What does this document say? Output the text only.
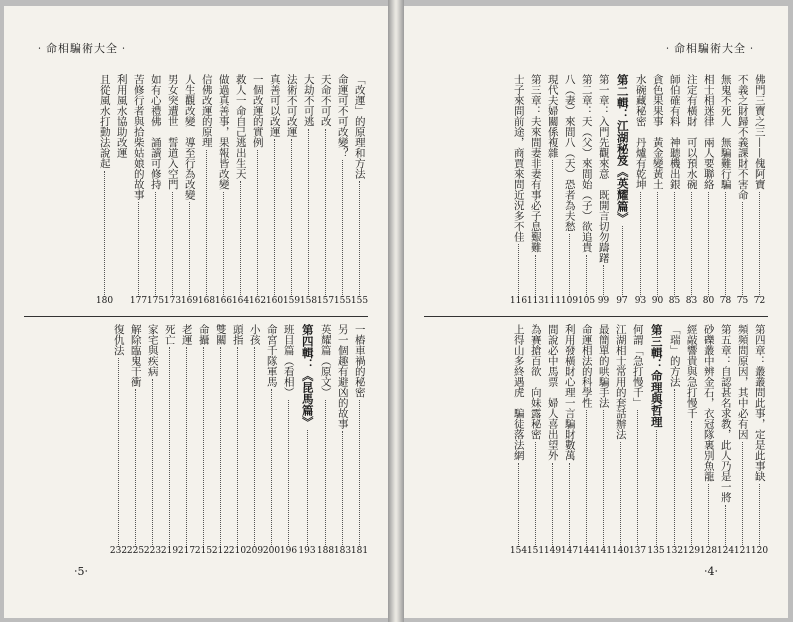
‧命相騙術大全‧
「改運」的原理和方法
155
命運可不可改變？
155
天命不可改
157
大劫不可逃
158
法術不可改運
159
真善可以改運
160
一個改運的實例
162
救人一命自己逃出生天
164
做過真善事，果報皆改變
166
信佛改運的原理
168
人生觀改變　導至行為改變
169
男女突遭世　誓道入空門
173
如有心禮佛　誦讀可修持
175
苦修行者與拾柴姑娘的故事
177
利用風水協助改運
且從風水打動法說起
180
一樁車禍的秘密
181
另一個趣有避凶的故事
183
英耀篇（原文）
188
第四輯：《昆馬篇》
193
班目篇（看相）
196
命宮千隊軍馬
200
小孩
209
頭指
210
雙關
212
命攝
215
老運
217
死亡
219
家宅與疾病
223
解除臨鬼干衝
225
復仇法
232
‧5‧
‧命相騙術大全‧
佛門三寶之三——傀阿寶
72
不義之財歸不義課財不害命
75
無鬼不死人　無騙難行騙
78
相士相迷律　兩人要聯絡
80
注定有橫財　可以預水碗
83
師伯確有料　神聽機出銀
85
貪色果果事　黃金變黃土
90
水碗藏秘密　丹爐有乾坤
93
第二輯：江湖秘笈《英耀篇》
97
第一章：入門先觀來意　既開言切勿躊躇
99
第二章：天（父）來間始（子）欲追貴
105
八（妻）來間八（天）恐者為夫愁
109
現代夫婦關係複雜
111
第三章：夫來間妻非妻有事必子息艱難
113
士子來問前途，商賈來問近況多不佳
116
第四章：叢叢問此事，定是此事缺
120
頻頻問原因，其中必有因
121
第五章：自認甚名求教，此人乃是一將
124
砂礫叢中辨金石，衣冠隊裏別魚龍
128
經敲響貴與急打慢千
129
「瑞」的方法
132
第三輯：命理與哲理
135
何謂「急打慢千」
137
江湖相士常用的套話辦法
140
最簡單的哄騙手法
141
命運相法的科學性
144
利用發橫財心理一言騙財數萬
147
間說必中馬票　婦人喜出望外
149
為賽搶百欲　向妹露秘密
151
上得山多終遇虎　騙徒落法網
154
‧4‧
